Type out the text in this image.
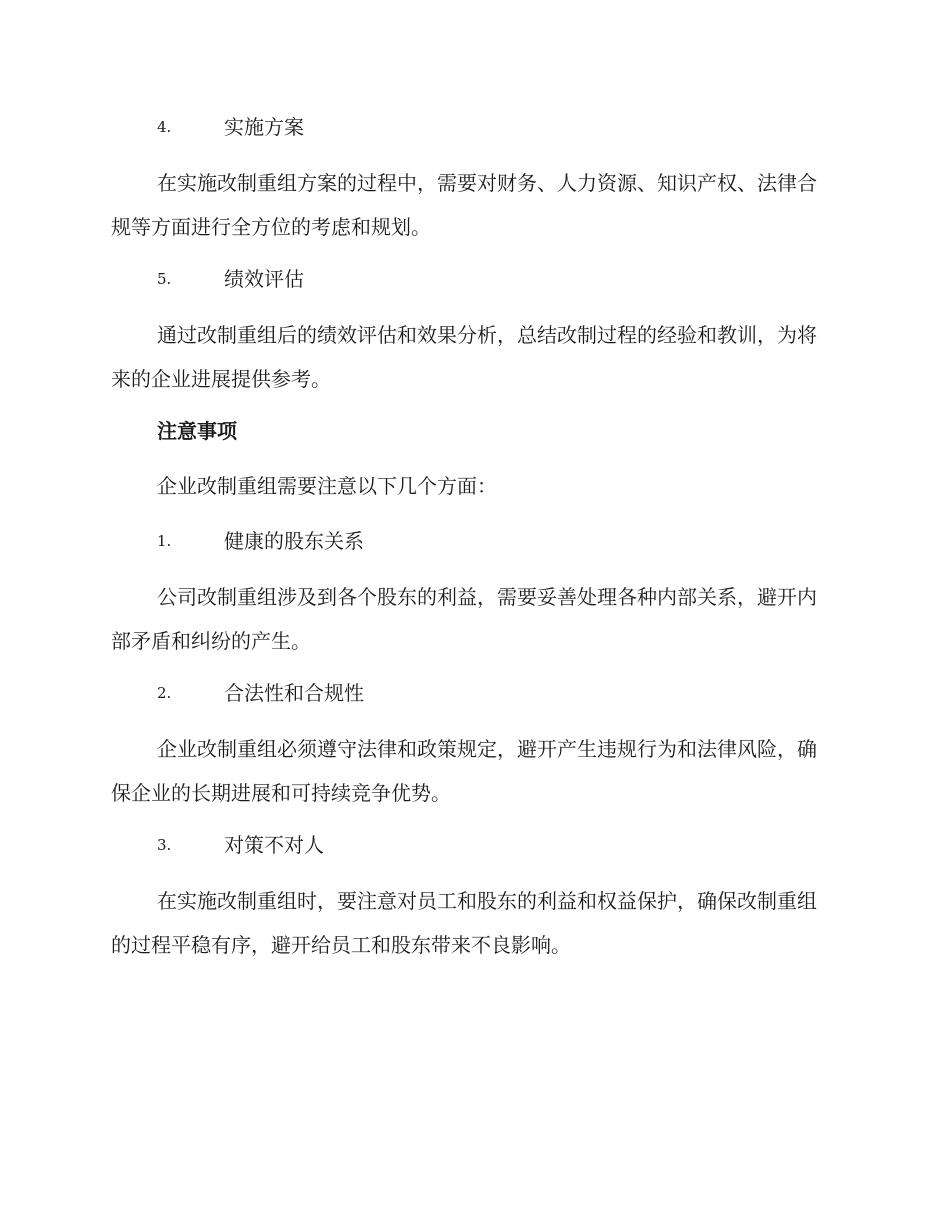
4.	实施方案

在实施改制重组方案的过程中，需要对财务、人力资源、知识产权、法律合规等方面进行全方位的考虑和规划。

5.	绩效评估

通过改制重组后的绩效评估和效果分析，总结改制过程的经验和教训，为将来的企业进展提供参考。

注意事项

企业改制重组需要注意以下几个方面：

1.	健康的股东关系

公司改制重组涉及到各个股东的利益，需要妥善处理各种内部关系，避开内部矛盾和纠纷的产生。

2.	合法性和合规性

企业改制重组必须遵守法律和政策规定，避开产生违规行为和法律风险，确保企业的长期进展和可持续竞争优势。

3.	对策不对人

在实施改制重组时，要注意对员工和股东的利益和权益保护，确保改制重组的过程平稳有序，避开给员工和股东带来不良影响。
